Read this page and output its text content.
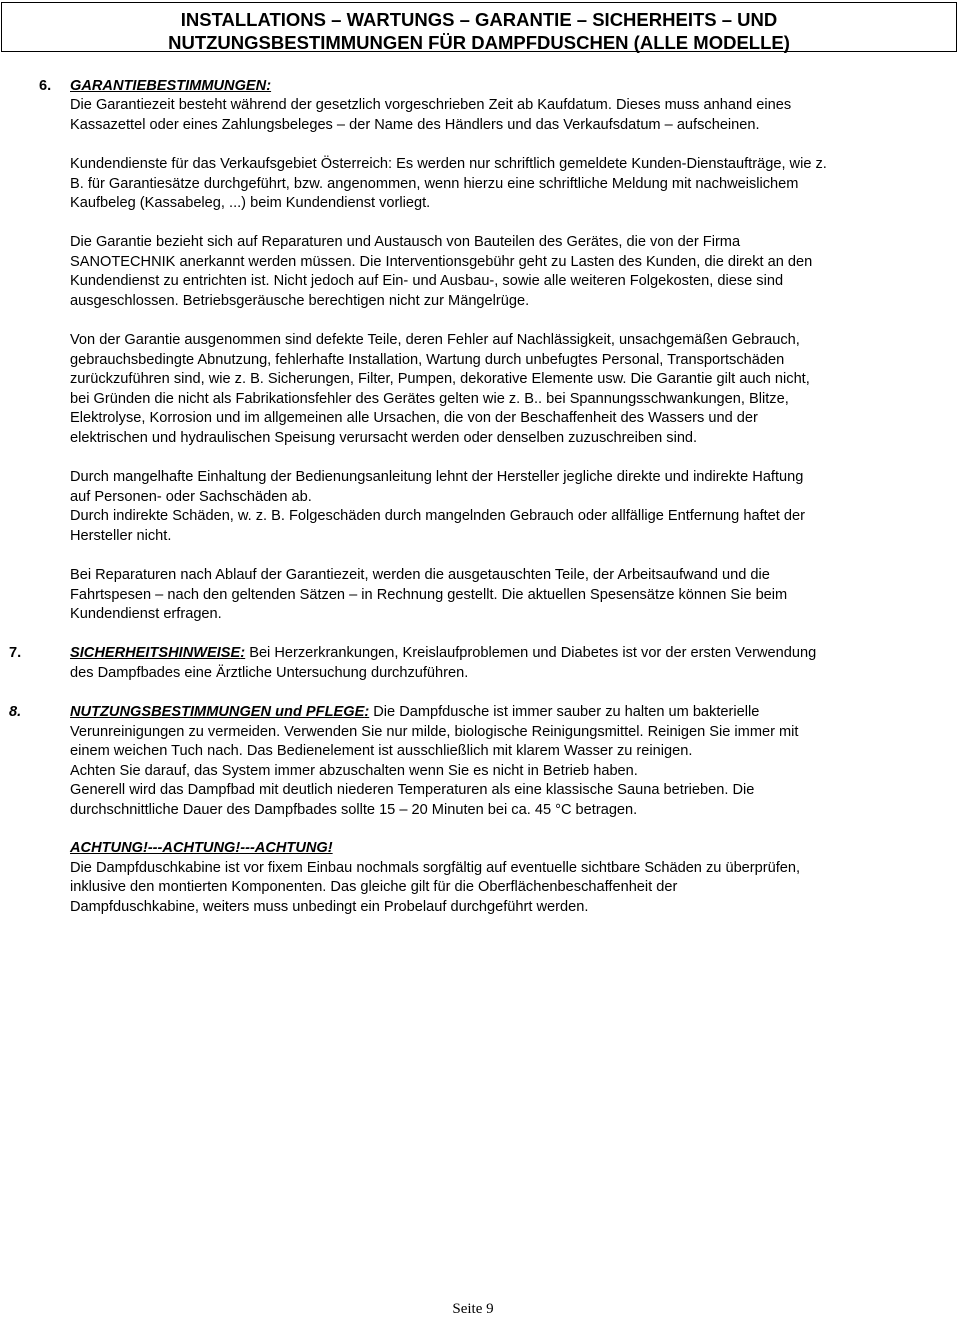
INSTALLATIONS – WARTUNGS – GARANTIE – SICHERHEITS – UND
NUTZUNGSBESTIMMUNGEN FÜR DAMPFDUSCHEN (ALLE MODELLE)
6. GARANTIEBESTIMMUNGEN:

Die Garantiezeit besteht während der gesetzlich vorgeschrieben Zeit ab Kaufdatum. Dieses muss anhand eines
Kassazettel oder eines Zahlungsbeleges – der Name des Händlers und das Verkaufsdatum – aufscheinen.

Kundendienste für das Verkaufsgebiet Österreich: Es werden nur schriftlich gemeldete Kunden-Dienstaufträge, wie z.
B. für Garantiesätze durchgeführt, bzw. angenommen, wenn hierzu eine schriftliche Meldung mit nachweislichem
Kaufbeleg (Kassabeleg, ...) beim Kundendienst vorliegt.

Die Garantie bezieht sich auf Reparaturen und Austausch von Bauteilen des Gerätes, die von der Firma
SANOTECHNIK anerkannt werden müssen. Die Interventionsgebühr geht zu Lasten des Kunden, die direkt an den
Kundendienst zu entrichten ist. Nicht jedoch auf Ein- und Ausbau-, sowie alle weiteren Folgekosten, diese sind
ausgeschlossen. Betriebsgeräusche berechtigen nicht zur Mängelrüge.

Von der Garantie ausgenommen sind defekte Teile, deren Fehler auf Nachlässigkeit, unsachgemäßen Gebrauch,
gebrauchsbedingte Abnutzung, fehlerhafte Installation, Wartung durch unbefugtes Personal, Transportschäden
zurückzuführen sind, wie z. B. Sicherungen, Filter, Pumpen, dekorative Elemente usw. Die Garantie gilt auch nicht,
bei Gründen die nicht als Fabrikationsfehler des Gerätes gelten wie z. B.. bei Spannungsschwankungen, Blitze,
Elektrolyse, Korrosion und im allgemeinen alle Ursachen, die von der Beschaffenheit des Wassers und der
elektrischen und hydraulischen Speisung verursacht werden oder denselben zuzuschreiben sind.

Durch mangelhafte Einhaltung der Bedienungsanleitung lehnt der Hersteller jegliche direkte und indirekte Haftung
auf Personen- oder Sachschäden ab.
Durch indirekte Schäden, w. z. B. Folgeschäden durch mangelnden Gebrauch oder allfällige Entfernung haftet der
Hersteller nicht.

Bei Reparaturen nach Ablauf der Garantiezeit, werden die ausgetauschten Teile, der Arbeitsaufwand und die
Fahrtspesen – nach den geltenden Sätzen – in Rechnung gestellt. Die aktuellen Spesensätze können Sie beim
Kundendienst erfragen.

7.	SICHERHEITSHINWEISE: Bei Herzerkrankungen, Kreislaufproblemen und Diabetes ist vor der ersten Verwendung
des Dampfbades eine Ärztliche Untersuchung durchzuführen.

8.	NUTZUNGSBESTIMMUNGEN und PFLEGE: Die Dampfdusche ist immer sauber zu halten um bakterielle
Verunreinigungen zu vermeiden. Verwenden Sie nur milde, biologische Reinigungsmittel. Reinigen Sie immer mit
einem weichen Tuch nach. Das Bedienelement ist ausschließlich mit klarem Wasser zu reinigen.
Achten Sie darauf, das System immer abzuschalten wenn Sie es nicht in Betrieb haben.
Generell wird das Dampfbad mit deutlich niederen Temperaturen als eine klassische Sauna betrieben. Die
durchschnittliche Dauer des Dampfbades sollte 15 – 20 Minuten bei ca. 45 °C betragen.

ACHTUNG!---ACHTUNG!---ACHTUNG!
Die Dampfduschkabine ist vor fixem Einbau nochmals sorgfältig auf eventuelle sichtbare Schäden zu überprüfen,
inklusive den montierten Komponenten. Das gleiche gilt für die Oberflächenbeschaffenheit der
Dampfduschkabine, weiters muss unbedingt ein Probelauf durchgeführt werden.

Seite 9
